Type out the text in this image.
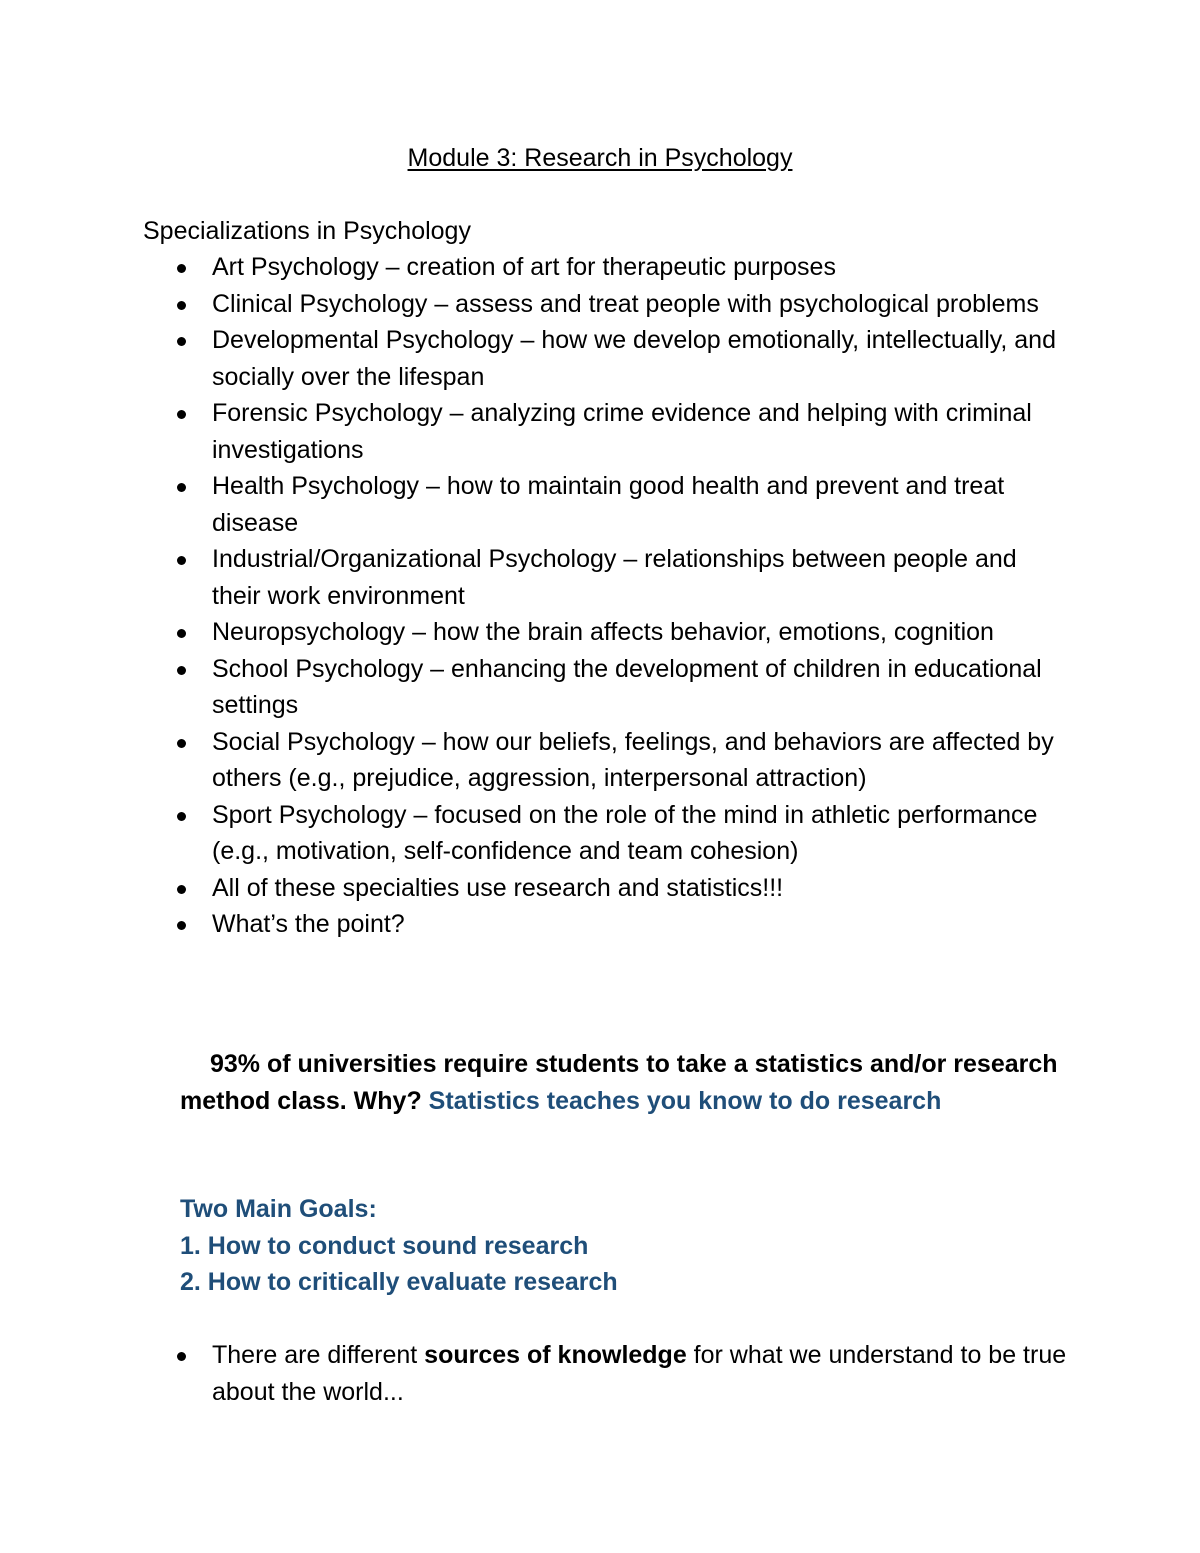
Module 3: Research in Psychology
Specializations in Psychology
Art Psychology – creation of art for therapeutic purposes
Clinical Psychology – assess and treat people with psychological problems
Developmental Psychology – how we develop emotionally, intellectually, and socially over the lifespan
Forensic Psychology – analyzing crime evidence and helping with criminal investigations
Health Psychology – how to maintain good health and prevent and treat disease
Industrial/Organizational Psychology – relationships between people and their work environment
Neuropsychology – how the brain affects behavior, emotions, cognition
School Psychology – enhancing the development of children in educational settings
Social Psychology – how our beliefs, feelings, and behaviors are affected by others (e.g., prejudice, aggression, interpersonal attraction)
Sport Psychology – focused on the role of the mind in athletic performance (e.g., motivation, self-confidence and team cohesion)
All of these specialties use research and statistics!!!
What’s the point?
93% of universities require students to take a statistics and/or research method class. Why? Statistics teaches you know to do research
Two Main Goals:
1. How to conduct sound research
2. How to critically evaluate research
There are different sources of knowledge for what we understand to be true about the world...
